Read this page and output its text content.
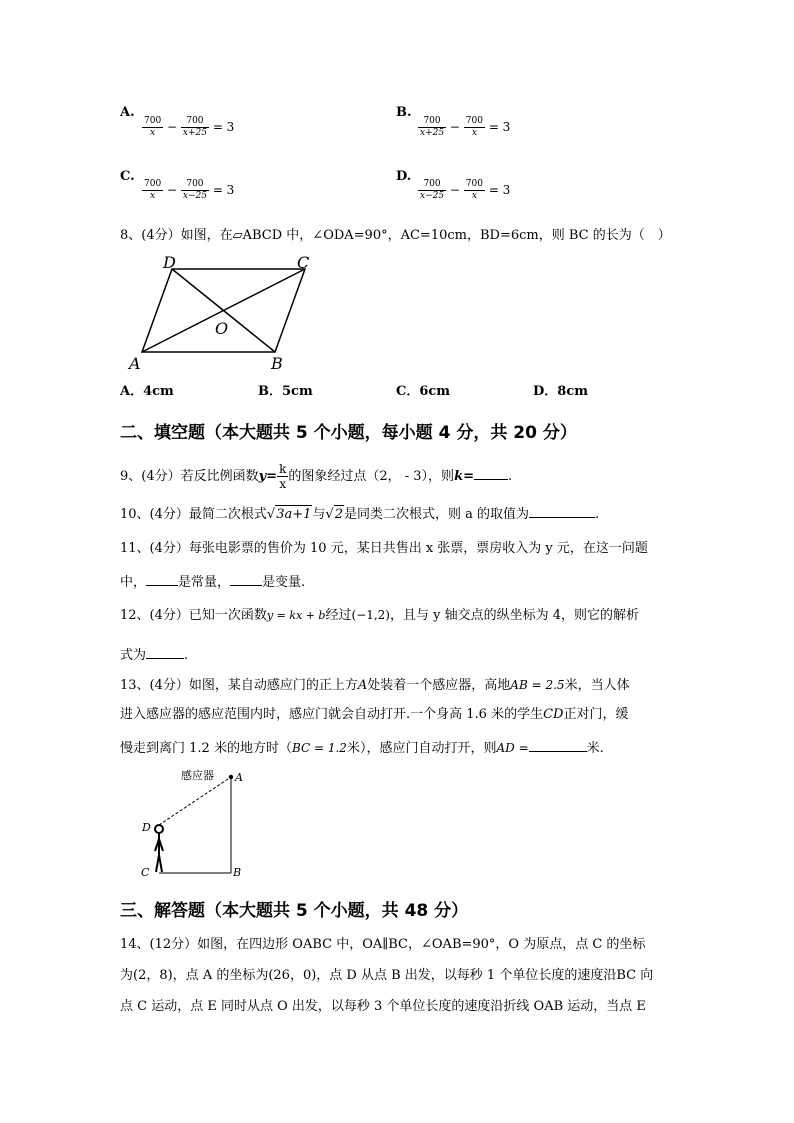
A.
$\frac{700}{x} - \frac{700}{x+25} = 3$
B.
$\frac{700}{x+25} - \frac{700}{x} = 3$
C.
$\frac{700}{x} - \frac{700}{x-25} = 3$
D.
$\frac{700}{x-25} - \frac{700}{x} = 3$
8、(4分）如图，在▱ABCD 中，∠ODA=90°，AC=10cm，BD=6cm，则 BC 的长为（　）
D	C
O
A	B
A．4cm	B．5cm	C．6cm	D．8cm
二、填空题（本大题共 5 个小题，每小题 4 分，共 20 分）
9、(4分）若反比例函数$y= \frac{k}{x}$ 的图象经过点（2， - 3），则k=	.
10、(4分）最简二次根式√3a+1与√2是同类二次根式，则 a 的取值为	.
11、(4分）每张电影票的售价为 10 元，某日共售出 x 张票，票房收入为 y 元，在这一问题
中， 是常量， 是变量.
12、(4分）已知一次函数y = kx + b经过(−1,2)，且与 y 轴交点的纵坐标为 4，则它的解析
式为	.
13、(4分）如图，某自动感应门的正上方A处装着一个感应器，高地AB = 2.5米，当人体
进入感应器的感应范围内时，感应门就会自动打开.一个身高 1.6 米的学生CD正对门，缓
慢走到离门 1.2 米的地方时（BC = 1.2米），感应门自动打开，则AD =	米.
感应器 A
D
C	B
三、解答题（本大题共 5 个小题，共 48 分）
14、(12分）如图，在四边形 OABC 中，OA∥BC，∠OAB=90°，O 为原点，点 C 的坐标
为(2，8)，点 A 的坐标为(26，0)，点 D 从点 B 出发，以每秒 1 个单位长度的速度沿BC 向
点 C 运动，点 E 同时从点 O 出发，以每秒 3 个单位长度的速度沿折线 OAB 运动，当点 E
